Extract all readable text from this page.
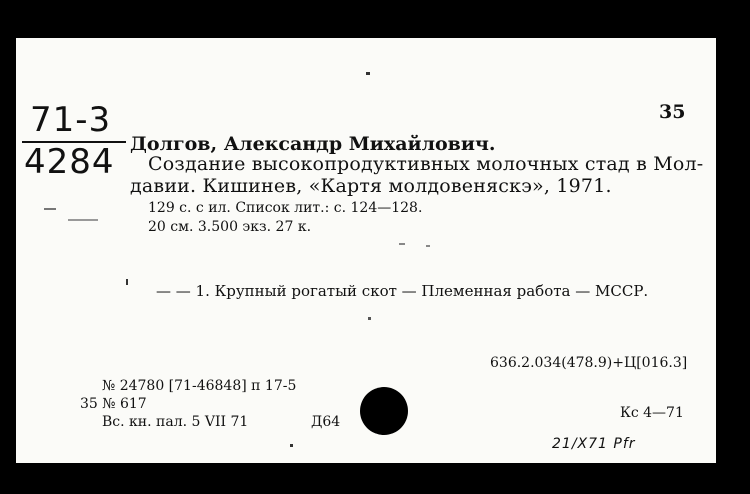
71-3
4284
35
Долгов, Александр Михайлович.
Создание высокопродуктивных молочных стад в Мол-
давии. Кишинев, «Картя молдовеняскэ», 1971.
129 с. с ил. Список лит.: с. 124—128.
20 см. 3.500 экз. 27 к.
— — 1. Крупный рогатый скот — Племенная работа — МССР.
636.2.034(478.9)+Ц[016.3]
№ 24780 [71-46848] п 17-5
35 № 617
Вс. кн. пал. 5 VII 71	Д64
Кс 4—71
21/X71 Pfr
